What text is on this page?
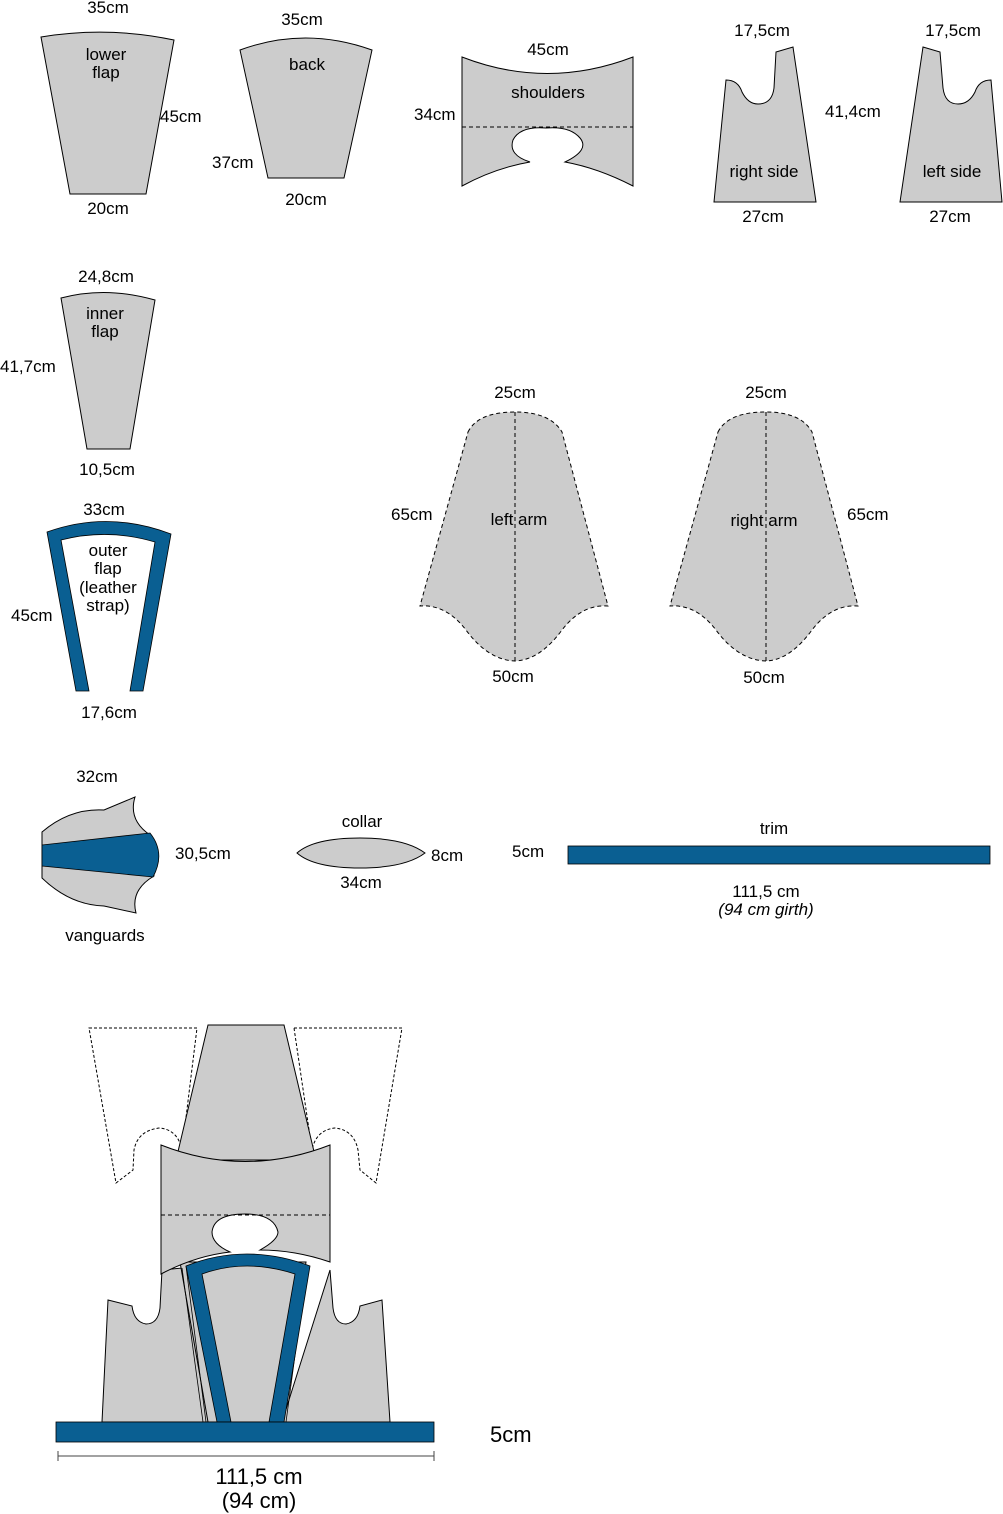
35cm
lower
flap
45cm
20cm
35cm
back
37cm
20cm
45cm
shoulders
34cm
17,5cm
right side
27cm
41,4cm
17,5cm
left side
27cm
24,8cm
inner
flap
41,7cm
10,5cm
33cm
outer
flap
(leather
strap)
45cm
17,6cm
25cm
left arm
65cm
50cm
25cm
right arm	65cm
50cm
32cm
30,5cm
vanguards
collar
8cm
34cm
trim
5cm
111,5 cm
(94 cm girth)
5cm
111,5 cm
(94 cm)
